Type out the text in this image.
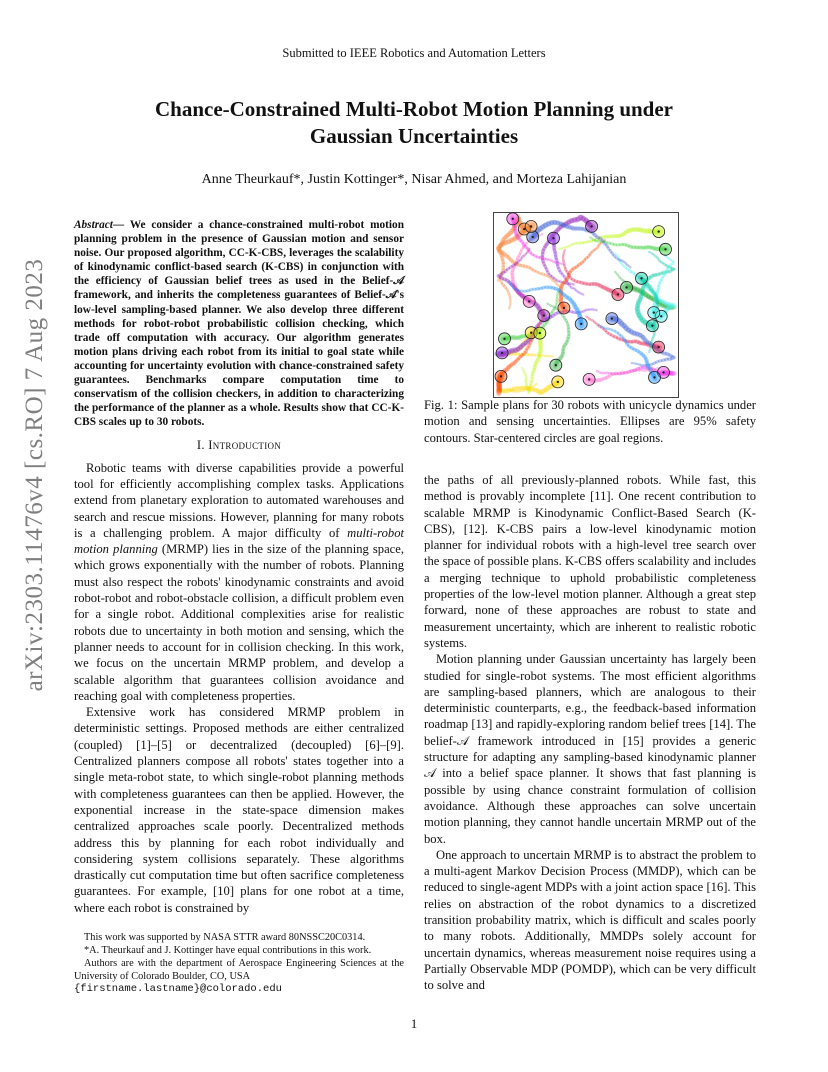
Submitted to IEEE Robotics and Automation Letters
Chance-Constrained Multi-Robot Motion Planning under
Gaussian Uncertainties
Anne Theurkauf*, Justin Kottinger*, Nisar Ahmed, and Morteza Lahijanian
arXiv:2303.11476v4 [cs.RO] 7 Aug 2023
Abstract— We consider a chance-constrained multi-robot motion planning problem in the presence of Gaussian motion and sensor noise. Our proposed algorithm, CC-K-CBS, leverages the scalability of kinodynamic conflict-based search (K-CBS) in conjunction with the efficiency of Gaussian belief trees as used in the Belief-𝒜 framework, and inherits the completeness guarantees of Belief-𝒜's low-level sampling-based planner. We also develop three different methods for robot-robot probabilistic collision checking, which trade off computation with accuracy. Our algorithm generates motion plans driving each robot from its initial to goal state while accounting for uncertainty evolution with chance-constrained safety guarantees. Benchmarks compare computation time to conservatism of the collision checkers, in addition to characterizing the performance of the planner as a whole. Results show that CC-K-CBS scales up to 30 robots.
I. Introduction

Robotic teams with diverse capabilities provide a powerful tool for efficiently accomplishing complex tasks. Applications extend from planetary exploration to automated warehouses and search and rescue missions. However, planning for many robots is a challenging problem. A major difficulty of multi-robot motion planning (MRMP) lies in the size of the planning space, which grows exponentially with the number of robots. Planning must also respect the robots' kinodynamic constraints and avoid robot-robot and robot-obstacle collision, a difficult problem even for a single robot. Additional complexities arise for realistic robots due to uncertainty in both motion and sensing, which the planner needs to account for in collision checking. In this work, we focus on the uncertain MRMP problem, and develop a scalable algorithm that guarantees collision avoidance and reaching goal with completeness properties.

Extensive work has considered MRMP problem in deterministic settings. Proposed methods are either centralized (coupled) [1]–[5] or decentralized (decoupled) [6]–[9]. Centralized planners compose all robots' states together into a single meta-robot state, to which single-robot planning methods with completeness guarantees can then be applied. However, the exponential increase in the state-space dimension makes centralized approaches scale poorly. Decentralized methods address this by planning for each robot individually and considering system collisions separately. These algorithms drastically cut computation time but often sacrifice completeness guarantees. For example, [10] plans for one robot at a time, where each robot is constrained by

This work was supported by NASA STTR award 80NSSC20C0314.

*A. Theurkauf and J. Kottinger have equal contributions in this work.

Authors are with the department of Aerospace Engineering Sciences at the University of Colorado Boulder, CO, USA

{firstname.lastname}@colorado.edu
Fig. 1: Sample plans for 30 robots with unicycle dynamics under motion and sensing uncertainties. Ellipses are 95% safety contours. Star-centered circles are goal regions.

the paths of all previously-planned robots. While fast, this method is provably incomplete [11]. One recent contribution to scalable MRMP is Kinodynamic Conflict-Based Search (K-CBS), [12]. K-CBS pairs a low-level kinodynamic motion planner for individual robots with a high-level tree search over the space of possible plans. K-CBS offers scalability and includes a merging technique to uphold probabilistic completeness properties of the low-level motion planner. Although a great step forward, none of these approaches are robust to state and measurement uncertainty, which are inherent to realistic robotic systems.

Motion planning under Gaussian uncertainty has largely been studied for single-robot systems. The most efficient algorithms are sampling-based planners, which are analogous to their deterministic counterparts, e.g., the feedback-based information roadmap [13] and rapidly-exploring random belief trees [14]. The belief-𝒜 framework introduced in [15] provides a generic structure for adapting any sampling-based kinodynamic planner 𝒜 into a belief space planner. It shows that fast planning is possible by using chance constraint formulation of collision avoidance. Although these approaches can solve uncertain motion planning, they cannot handle uncertain MRMP out of the box.

One approach to uncertain MRMP is to abstract the problem to a multi-agent Markov Decision Process (MMDP), which can be reduced to single-agent MDPs with a joint action space [16]. This relies on abstraction of the robot dynamics to a discretized transition probability matrix, which is difficult and scales poorly to many robots. Additionally, MMDPs solely account for uncertain dynamics, whereas measurement noise requires using a Partially Observable MDP (POMDP), which can be very difficult to solve and

1
